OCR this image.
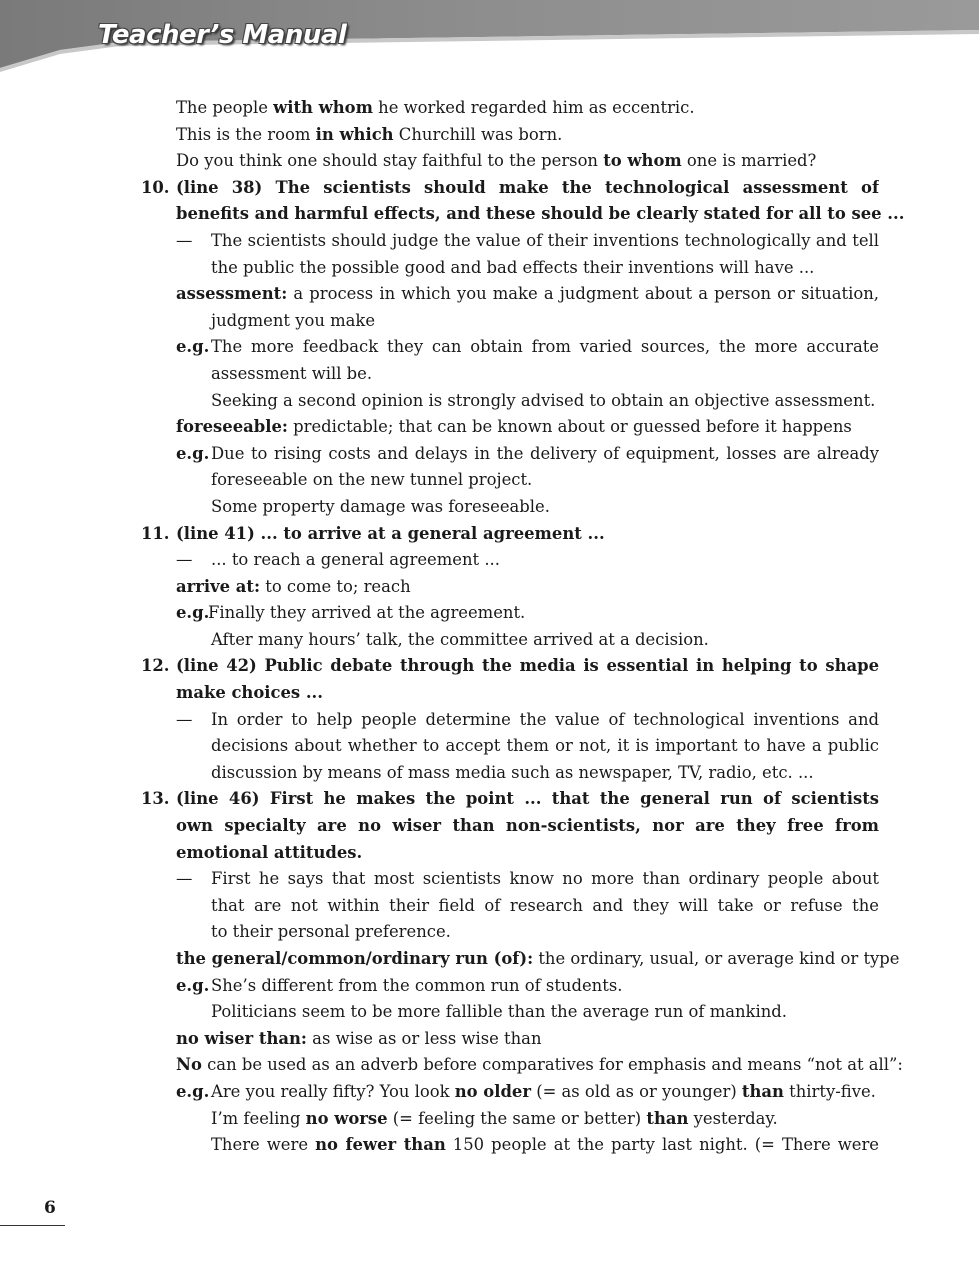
Teacher’s Manual
The people with whom he worked regarded him as eccentric.
This is the room in which Churchill was born.
Do you think one should stay faithful to the person to whom one is married?
10. (line 38) The scientists should make the technological assessment of
benefits and harmful effects, and these should be clearly stated for all to see ...
— The scientists should judge the value of their inventions technologically and tell
the public the possible good and bad effects their inventions will have ...
assessment: a process in which you make a judgment about a person or situation,
judgment you make
e.g. The more feedback they can obtain from varied sources, the more accurate
assessment will be.
Seeking a second opinion is strongly advised to obtain an objective assessment.
foreseeable: predictable; that can be known about or guessed before it happens
e.g. Due to rising costs and delays in the delivery of equipment, losses are already
foreseeable on the new tunnel project.
Some property damage was foreseeable.
11. (line 41) ... to arrive at a general agreement ...
— ... to reach a general agreement ...
arrive at: to come to; reach
e.g.
Finally they arrived at the agreement.
After many hours’ talk, the committee arrived at a decision.
12. (line 42) Public debate through the media is essential in helping to shape
make choices ...
— In order to help people determine the value of technological inventions and
decisions about whether to accept them or not, it is important to have a public
discussion by means of mass media such as newspaper, TV, radio, etc. ...
13. (line 46) First he makes the point ... that the general run of scientists
own specialty are no wiser than non-scientists, nor are they free from
emotional attitudes.
— First he says that most scientists know no more than ordinary people about
that are not within their field of research and they will take or refuse the
to their personal preference.
the general/common/ordinary run (of): the ordinary, usual, or average kind or type
e.g. She’s different from the common run of students.
Politicians seem to be more fallible than the average run of mankind.
no wiser than: as wise as or less wise than
No can be used as an adverb before comparatives for emphasis and means “not at all”:
e.g. Are you really fifty? You look no older (= as old as or younger) than thirty-five.
I’m feeling no worse (= feeling the same or better) than yesterday.
There were no fewer than 150 people at the party last night. (= There were
6
